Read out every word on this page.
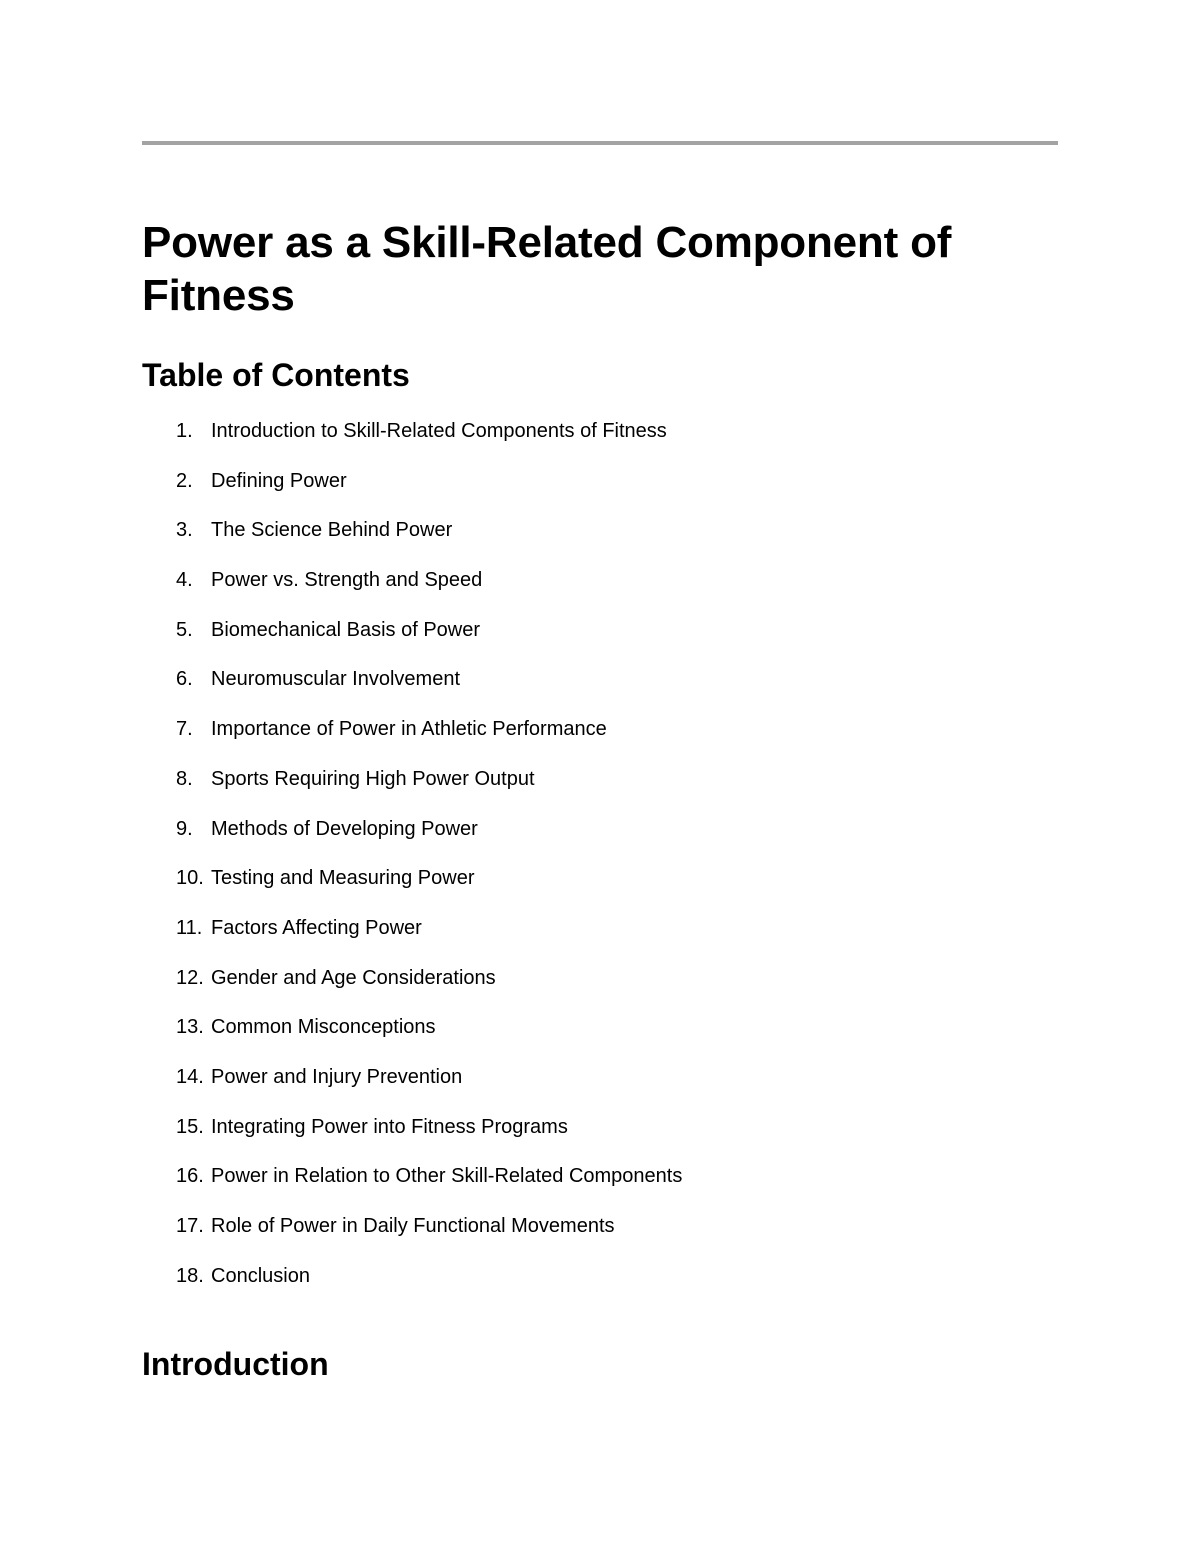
Power as a Skill-Related Component of Fitness
Table of Contents
1. Introduction to Skill-Related Components of Fitness
2. Defining Power
3. The Science Behind Power
4. Power vs. Strength and Speed
5. Biomechanical Basis of Power
6. Neuromuscular Involvement
7. Importance of Power in Athletic Performance
8. Sports Requiring High Power Output
9. Methods of Developing Power
10. Testing and Measuring Power
11. Factors Affecting Power
12. Gender and Age Considerations
13. Common Misconceptions
14. Power and Injury Prevention
15. Integrating Power into Fitness Programs
16. Power in Relation to Other Skill-Related Components
17. Role of Power in Daily Functional Movements
18. Conclusion
Introduction
